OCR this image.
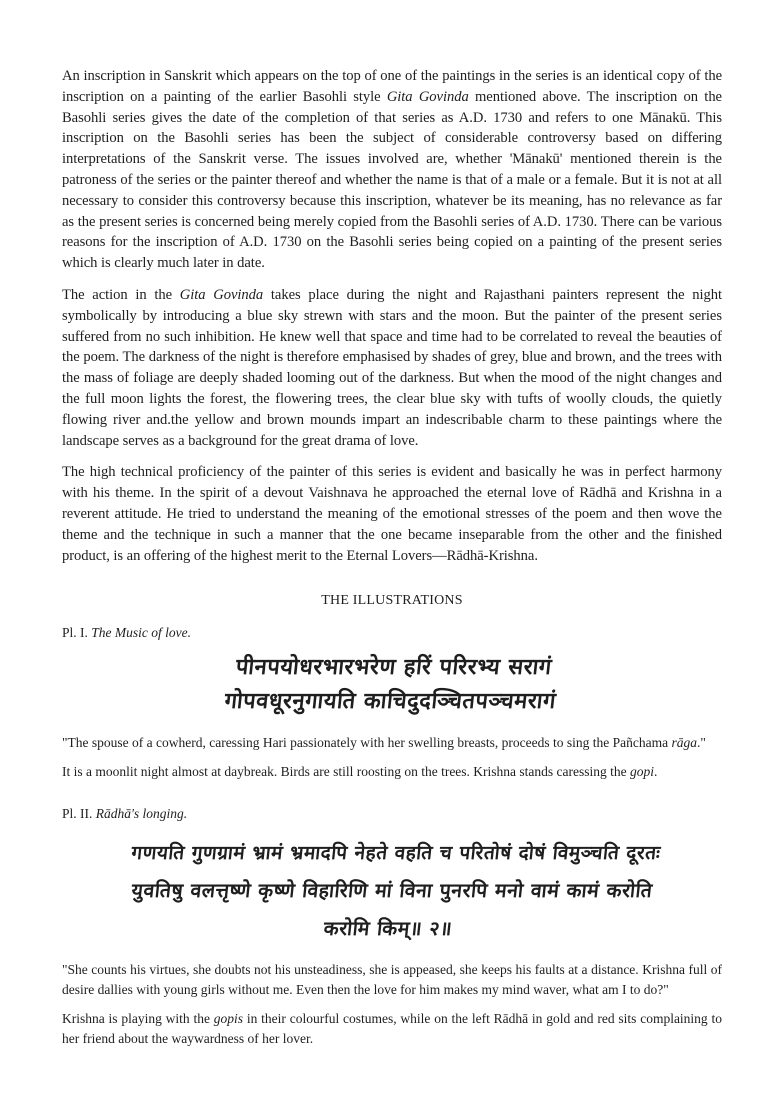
An inscription in Sanskrit which appears on the top of one of the paintings in the series is an identical copy of the inscription on a painting of the earlier Basohli style Gita Govinda mentioned above. The inscription on the Basohli series gives the date of the completion of that series as A.D. 1730 and refers to one Mānakū. This inscription on the Basohli series has been the subject of considerable controversy based on differing interpretations of the Sanskrit verse. The issues involved are, whether 'Mānakū' mentioned therein is the patroness of the series or the painter thereof and whether the name is that of a male or a female. But it is not at all necessary to consider this controversy because this inscription, whatever be its meaning, has no relevance as far as the present series is concerned being merely copied from the Basohli series of A.D. 1730. There can be various reasons for the inscription of A.D. 1730 on the Basohli series being copied on a painting of the present series which is clearly much later in date.

The action in the Gita Govinda takes place during the night and Rajasthani painters represent the night symbolically by introducing a blue sky strewn with stars and the moon. But the painter of the present series suffered from no such inhibition. He knew well that space and time had to be correlated to reveal the beauties of the poem. The darkness of the night is therefore emphasised by shades of grey, blue and brown, and the trees with the mass of foliage are deeply shaded looming out of the darkness. But when the mood of the night changes and the full moon lights the forest, the flowering trees, the clear blue sky with tufts of woolly clouds, the quietly flowing river and.the yellow and brown mounds impart an indescribable charm to these paintings where the landscape serves as a background for the great drama of love.

The high technical proficiency of the painter of this series is evident and basically he was in perfect harmony with his theme. In the spirit of a devout Vaishnava he approached the eternal love of Rādhā and Krishna in a reverent attitude. He tried to understand the meaning of the emotional stresses of the poem and then wove the theme and the technique in such a manner that the one became inseparable from the other and the finished product, is an offering of the highest merit to the Eternal Lovers—Rādhā-Krishna.

THE ILLUSTRATIONS

Pl. I. The Music of love.

पीनपयोधरभारभरेण हरिं परिरभ्य सरागं
गोपवधूरनुगायति काचिदुदञ्चितपञ्चमरागं

"The spouse of a cowherd, caressing Hari passionately with her swelling breasts, proceeds to sing the Pañchama rāga."

It is a moonlit night almost at daybreak. Birds are still roosting on the trees. Krishna stands caressing the gopi.

Pl. II. Rādhā's longing.

गणयति गुणग्रामं भ्रामं भ्रमादपि नेहते वहति च परितोषं दोषं विमुञ्चति दूरतः
युवतिषु वलत्तृष्णे कृष्णे विहारिणि मां विना पुनरपि मनो वामं कामं करोति
करोमि किम्॥ २॥

"She counts his virtues, she doubts not his unsteadiness, she is appeased, she keeps his faults at a distance. Krishna full of desire dallies with young girls without me. Even then the love for him makes my mind waver, what am I to do?"

Krishna is playing with the gopis in their colourful costumes, while on the left Rādhā in gold and red sits complaining to her friend about the waywardness of her lover.
